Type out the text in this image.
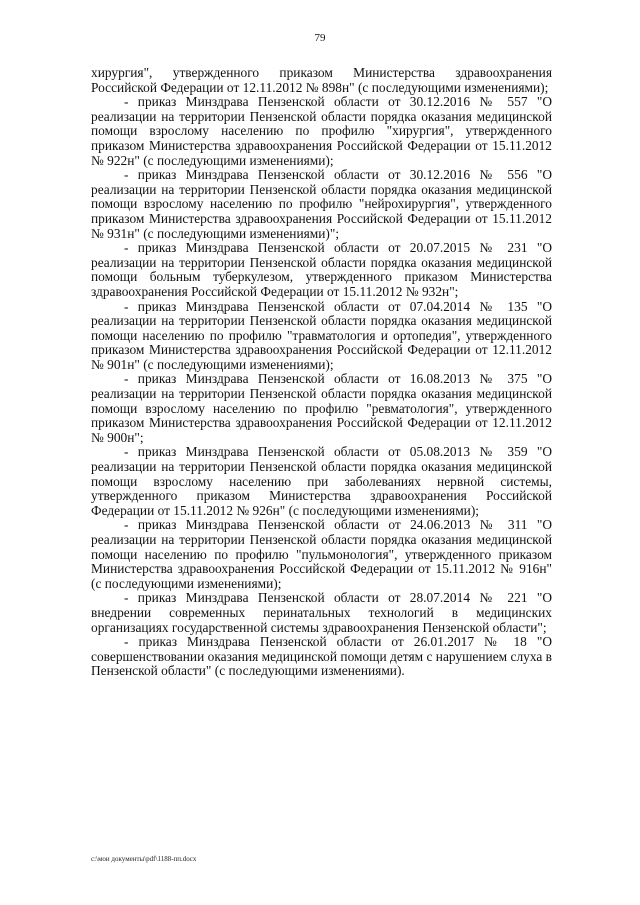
79

хирургия", утвержденного приказом Министерства здравоохранения Российской Федерации от 12.11.2012 № 898н" (с последующими изменениями);

- приказ Минздрава Пензенской области от 30.12.2016 № 557 "О реализации на территории Пензенской области порядка оказания медицинской помощи взрослому населению по профилю "хирургия", утвержденного приказом Министерства здравоохранения Российской Федерации от 15.11.2012 № 922н" (с последующими изменениями);

- приказ Минздрава Пензенской области от 30.12.2016 № 556 "О реализации на территории Пензенской области порядка оказания медицинской помощи взрослому населению по профилю "нейрохирургия", утвержденного приказом Министерства здравоохранения Российской Федерации от 15.11.2012 № 931н" (с последующими изменениями)";

- приказ Минздрава Пензенской области от 20.07.2015 № 231 "О реализации на территории Пензенской области порядка оказания медицинской помощи больным туберкулезом, утвержденного приказом Министерства здравоохранения Российской Федерации от 15.11.2012 № 932н";

- приказ Минздрава Пензенской области от 07.04.2014 № 135 "О реализации на территории Пензенской области порядка оказания медицинской помощи населению по профилю "травматология и ортопедия", утвержденного приказом Министерства здравоохранения Российской Федерации от 12.11.2012 № 901н" (с последующими изменениями);

- приказ Минздрава Пензенской области от 16.08.2013 № 375 "О реализации на территории Пензенской области порядка оказания медицинской помощи взрослому населению по профилю "ревматология", утвержденного приказом Министерства здравоохранения Российской Федерации от 12.11.2012 № 900н";

- приказ Минздрава Пензенской области от 05.08.2013 № 359 "О реализации на территории Пензенской области порядка оказания медицинской помощи взрослому населению при заболеваниях нервной системы, утвержденного приказом Министерства здравоохранения Российской Федерации от 15.11.2012 № 926н" (с последующими изменениями);

- приказ Минздрава Пензенской области от 24.06.2013 № 311 "О реализации на территории Пензенской области порядка оказания медицинской помощи населению по профилю "пульмонология", утвержденного приказом Министерства здравоохранения Российской Федерации от 15.11.2012 № 916н" (с последующими изменениями);

- приказ Минздрава Пензенской области от 28.07.2014 № 221 "О внедрении современных перинатальных технологий в медицинских организациях государственной системы здравоохранения Пензенской области";

- приказ Минздрава Пензенской области от 26.01.2017 № 18 "О совершенствовании оказания медицинской помощи детям с нарушением слуха в Пензенской области" (с последующими изменениями).

c:\мои документы\pdf\1188-пп.docx
